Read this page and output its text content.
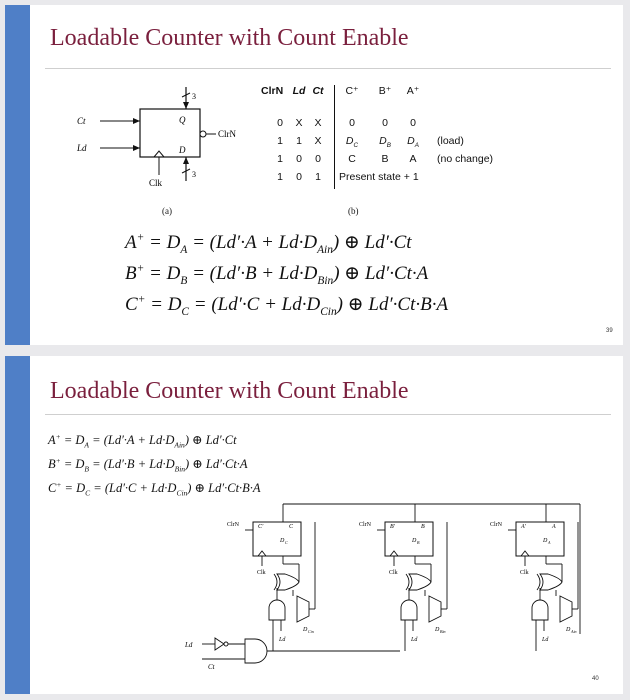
Loadable Counter with Count Enable
Ct
Ld
Q
D
ClrN
Clk
3
3
(a)	(b)
ClrN Ld Ct C⁺ B⁺ A⁺
0	X	X	0	0	0
1	1	X	$D_C$ $D_B$ $D_A$ (load)
1	0	0	C	B	A	(no change)
1	0	1	Present state + 1
$A^+ = D_A = (Ld'\cdot A + Ld\cdot D_{Ain})$ ⊕ Ld′·Ct
$B^+ = D_B = (Ld'\cdot B + Ld\cdot D_{Bin})$ ⊕ Ld′·Ct·A
$C^+ = D_C = (Ld'\cdot C + Ld\cdot D_{Cin})$ ⊕ Ld′·Ct·B·A
39
Loadable Counter with Count Enable
$A^+ = D_A = (Ld'\cdot A + Ld\cdot D_{Ain})$ ⊕ Ld′·Ct
$B^+ = D_B = (Ld'\cdot B + Ld\cdot D_{Bin})$ ⊕ Ld′·Ct·A
$C^+ = D_C = (Ld'\cdot C + Ld\cdot D_{Cin})$ ⊕ Ld′·Ct·B·A
ClrN	C′	C
D C
Clk
Ld
D Cin
ClrN	B′	B
D B
Clk
Ld
D Bin
ClrN	A′	A
D A
Clk
Ld
D Ain
Ld
Ct
40
